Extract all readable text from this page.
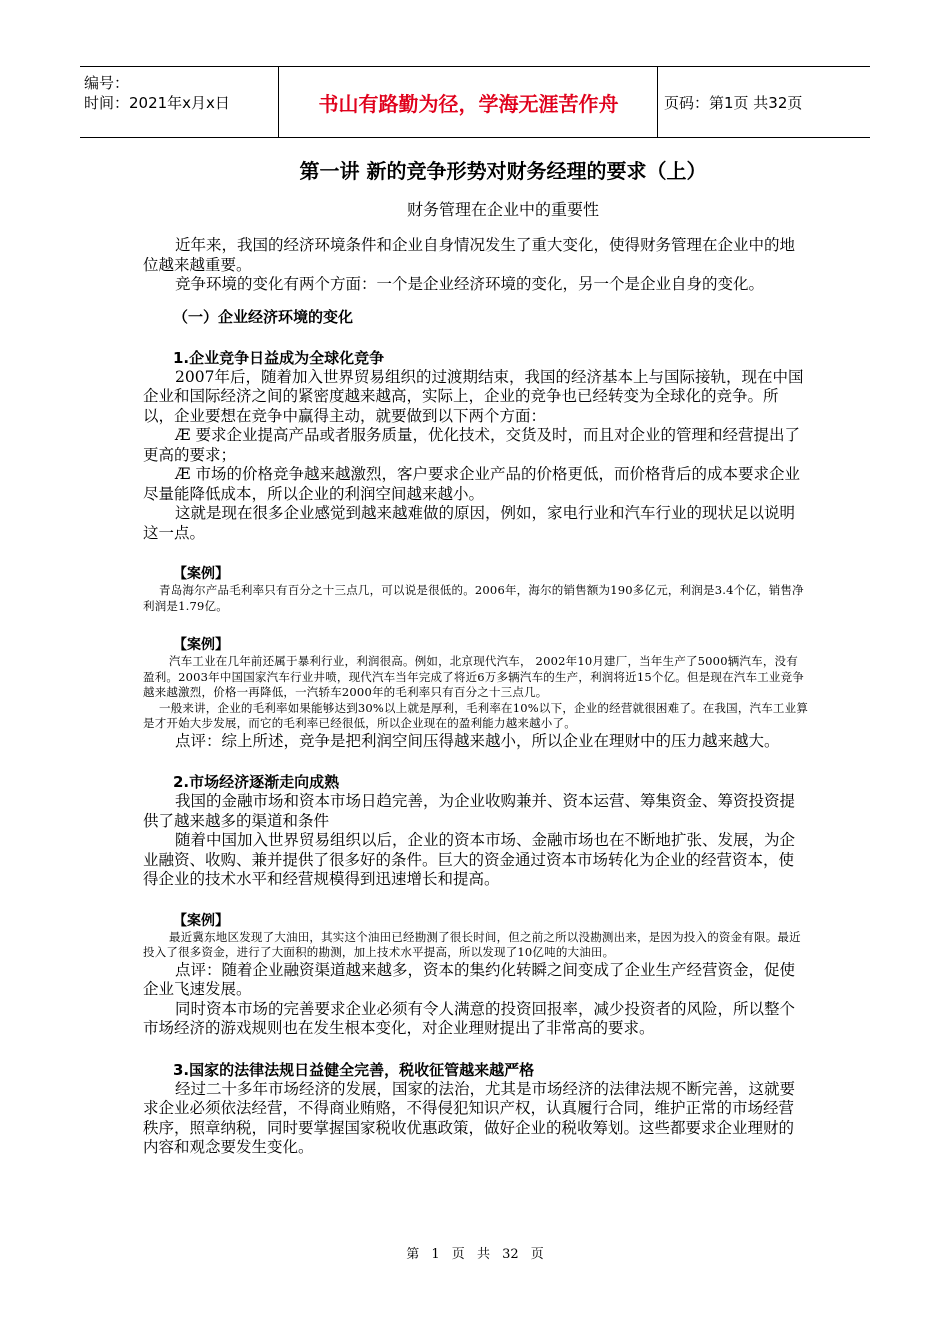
编号：
时间：2021年x月x日	书山有路勤为径，学海无涯苦作舟	页码：第1页 共32页
第一讲 新的竞争形势对财务经理的要求（上）
财务管理在企业中的重要性

近年来，我国的经济环境条件和企业自身情况发生了重大变化，使得财务管理在企业中的地位越来越重要。

竞争环境的变化有两个方面：一个是企业经济环境的变化，另一个是企业自身的变化。

（一）企业经济环境的变化
1.企业竞争日益成为全球化竞争

2007年后，随着加入世界贸易组织的过渡期结束，我国的经济基本上与国际接轨，现在中国企业和国际经济之间的紧密度越来越高，实际上，企业的竞争也已经转变为全球化的竞争。所以，企业要想在竞争中赢得主动，就要做到以下两个方面：

Æ 要求企业提高产品或者服务质量，优化技术，交货及时，而且对企业的管理和经营提出了更高的要求；

Æ 市场的价格竞争越来越激烈，客户要求企业产品的价格更低，而价格背后的成本要求企业尽量能降低成本，所以企业的利润空间越来越小。

这就是现在很多企业感觉到越来越难做的原因，例如，家电行业和汽车行业的现状足以说明这一点。

【案例】

青岛海尔产品毛利率只有百分之十三点几，可以说是很低的。2006年，海尔的销售额为190多亿元，利润是3.4个亿，销售净利润是1.79亿。

【案例】

汽车工业在几年前还属于暴利行业，利润很高。例如，北京现代汽车， 2002年10月建厂，当年生产了5000辆汽车，没有盈利。2003年中国国家汽车行业井喷，现代汽车当年完成了将近6万多辆汽车的生产，利润将近15个亿。但是现在汽车工业竞争越来越激烈，价格一再降低，一汽轿车2000年的毛利率只有百分之十三点几。

一般来讲，企业的毛利率如果能够达到30%以上就是厚利，毛利率在10%以下，企业的经营就很困难了。在我国，汽车工业算是才开始大步发展，而它的毛利率已经很低，所以企业现在的盈利能力越来越小了。

点评：综上所述，竞争是把利润空间压得越来越小，所以企业在理财中的压力越来越大。

2.市场经济逐渐走向成熟

我国的金融市场和资本市场日趋完善，为企业收购兼并、资本运营、筹集资金、筹资投资提供了越来越多的渠道和条件

随着中国加入世界贸易组织以后，企业的资本市场、金融市场也在不断地扩张、发展，为企业融资、收购、兼并提供了很多好的条件。巨大的资金通过资本市场转化为企业的经营资本，使得企业的技术水平和经营规模得到迅速增长和提高。

【案例】

最近冀东地区发现了大油田，其实这个油田已经勘测了很长时间，但之前之所以没勘测出来，是因为投入的资金有限。最近投入了很多资金，进行了大面积的勘测，加上技术水平提高，所以发现了10亿吨的大油田。

点评：随着企业融资渠道越来越多，资本的集约化转瞬之间变成了企业生产经营资金，促使企业飞速发展。

同时资本市场的完善要求企业必须有令人满意的投资回报率，减少投资者的风险，所以整个市场经济的游戏规则也在发生根本变化，对企业理财提出了非常高的要求。

3.国家的法律法规日益健全完善，税收征管越来越严格

经过二十多年市场经济的发展，国家的法治，尤其是市场经济的法律法规不断完善，这就要求企业必须依法经营，不得商业贿赂，不得侵犯知识产权，认真履行合同，维护正常的市场经营秩序，照章纳税，同时要掌握国家税收优惠政策，做好企业的税收筹划。这些都要求企业理财的内容和观念要发生变化。

第 1 页 共 32 页
